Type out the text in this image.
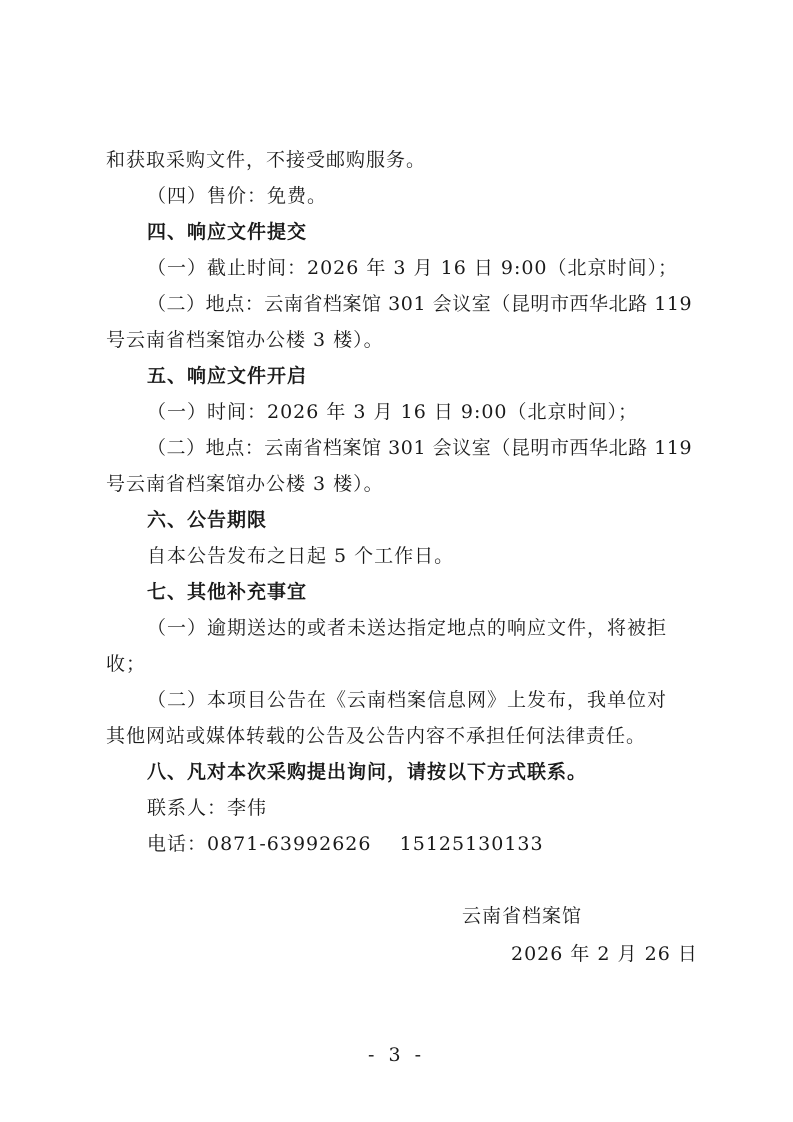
和获取采购文件，不接受邮购服务。
（四）售价：免费。
四、响应文件提交
（一）截止时间：2026 年 3 月 16 日 9:00（北京时间）；
（二）地点：云南省档案馆 301 会议室（昆明市西华北路 119
号云南省档案馆办公楼 3 楼）。
五、响应文件开启
（一）时间：2026 年 3 月 16 日 9:00（北京时间）；
（二）地点：云南省档案馆 301 会议室（昆明市西华北路 119
号云南省档案馆办公楼 3 楼）。
六、公告期限
自本公告发布之日起 5 个工作日。
七、其他补充事宜
（一）逾期送达的或者未送达指定地点的响应文件，将被拒
收；
（二）本项目公告在《云南档案信息网》上发布，我单位对
其他网站或媒体转载的公告及公告内容不承担任何法律责任。
八、凡对本次采购提出询问，请按以下方式联系。
联系人：李伟
电话：0871-63992626    15125130133
云南省档案馆
2026 年 2 月 26 日
- 3 -
